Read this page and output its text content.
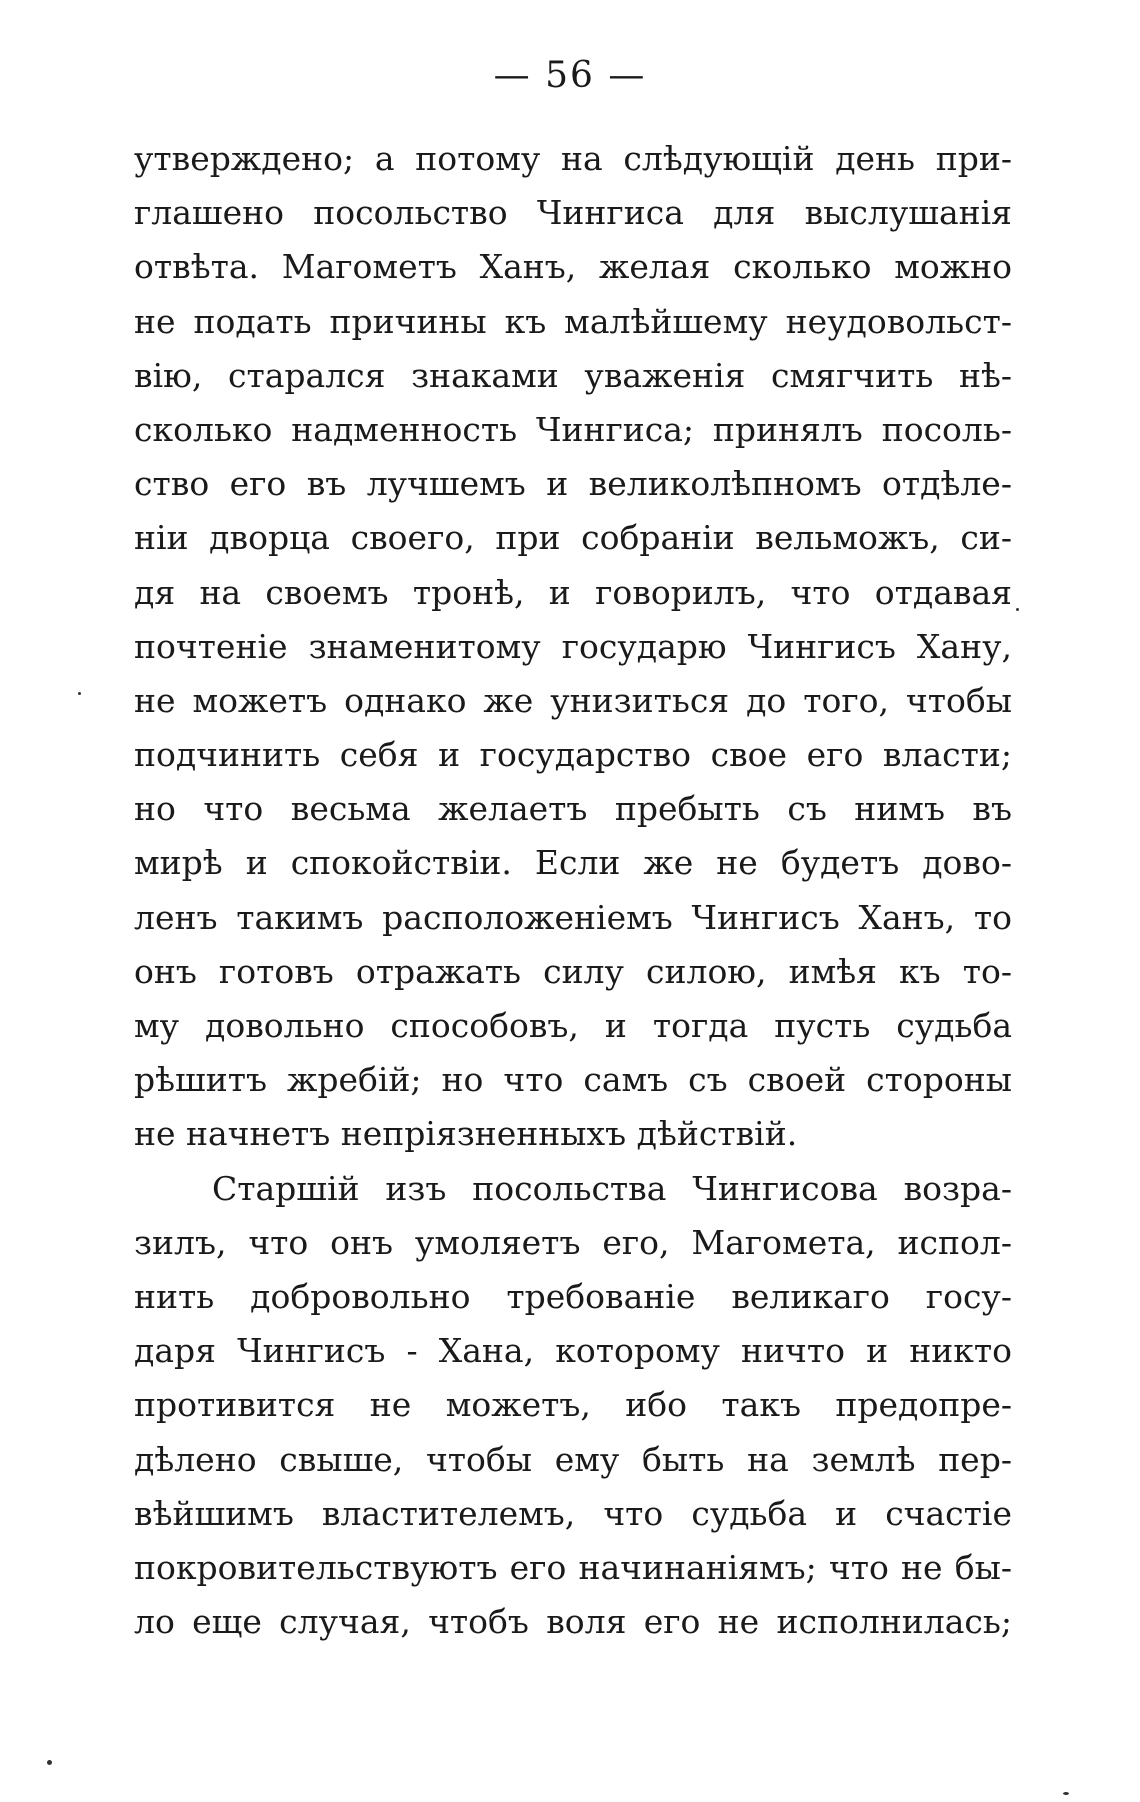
— 56 —
утверждено; а потому на слѣдующій день при-
глашено посольство Чингиса для выслушанія
отвѣта. Магометъ Ханъ, желая сколько можно
не подать причины къ малѣйшему неудовольст-
вію, старался знаками уваженія смягчить нѣ-
сколько надменность Чингиса; принялъ посоль-
ство его въ лучшемъ и великолѣпномъ отдѣле-
ніи дворца своего, при собраніи вельможъ, си-
дя на своемъ тронѣ, и говорилъ, что отдавая
почтеніе знаменитому государю Чингисъ Хану,
не можетъ однако же унизиться до того, чтобы
подчинить себя и государство свое его власти;
но что весьма желаетъ пребыть съ нимъ въ
мирѣ и спокойствіи. Если же не будетъ дово-
ленъ такимъ расположеніемъ Чингисъ Ханъ, то
онъ готовъ отражать силу силою, имѣя къ то-
му довольно способовъ, и тогда пусть судьба
рѣшитъ жребій; но что самъ съ своей стороны
не начнетъ непріязненныхъ дѣйствій.
Старшій изъ посольства Чингисова возра-
зилъ, что онъ умоляетъ его, Магомета, испол-
нить добровольно требованіе великаго госу-
даря Чингисъ - Хана, которому ничто и никто
противится не можетъ, ибо такъ предопре-
дѣлено свыше, чтобы ему быть на землѣ пер-
вѣйшимъ властителемъ, что судьба и счастіе
покровительствуютъ его начинаніямъ; что не бы-
ло еще случая, чтобъ воля его не исполнилась;
